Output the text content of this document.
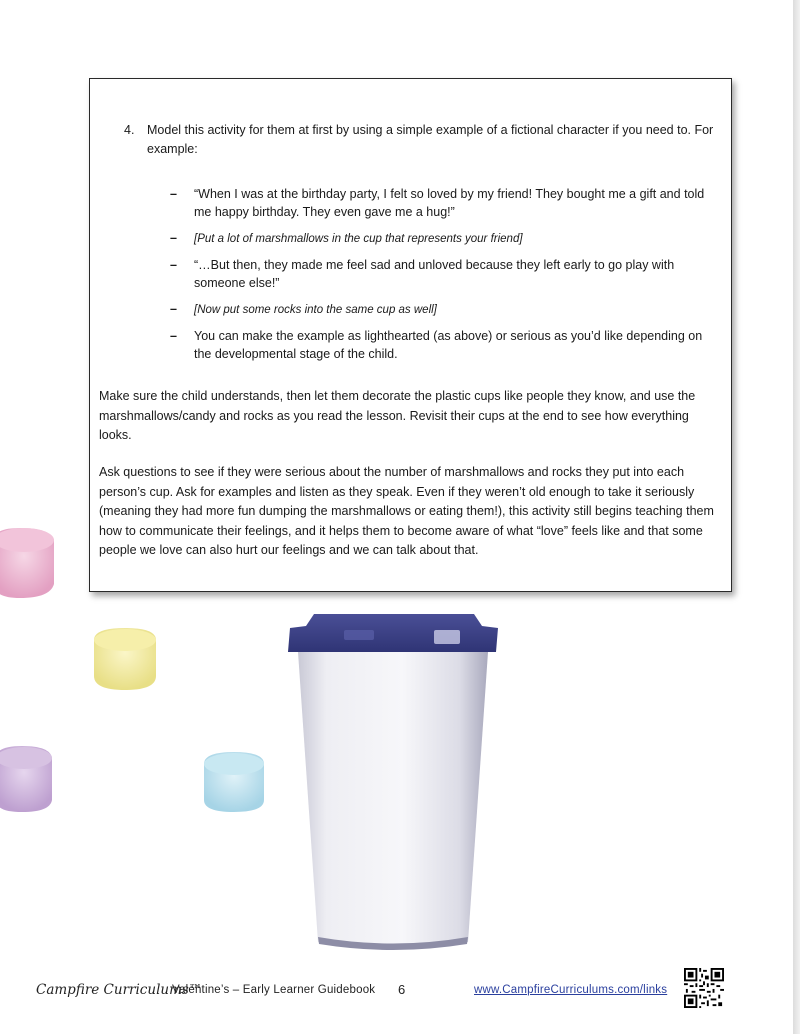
4.	Model this activity for them at first by using a simple example of a fictional character if you need to. For example:
– “When I was at the birthday party, I felt so loved by my friend! They bought me a gift and told me happy birthday. They even gave me a hug!”
– [Put a lot of marshmallows in the cup that represents your friend]
– “…But then, they made me feel sad and unloved because they left early to go play with someone else!”
– [Now put some rocks into the same cup as well]
– You can make the example as lighthearted (as above) or serious as you’d like depending on the developmental stage of the child.

Make sure the child understands, then let them decorate the plastic cups like people they know, and use the marshmallows/candy and rocks as you read the lesson. Revisit their cups at the end to see how everything looks.

Ask questions to see if they were serious about the number of marshmallows and rocks they put into each person’s cup. Ask for examples and listen as they speak. Even if they weren’t old enough to take it seriously (meaning they had more fun dumping the marshmallows or eating them!), this activity still begins teaching them how to communicate their feelings, and it helps them to become aware of what “love” feels like and that some people we love can also hurt our feelings and we can talk about that.

Campfire Curriculums™
Valentine’s – Early Learner Guidebook 6	www.CampfireCurriculums.com/links
